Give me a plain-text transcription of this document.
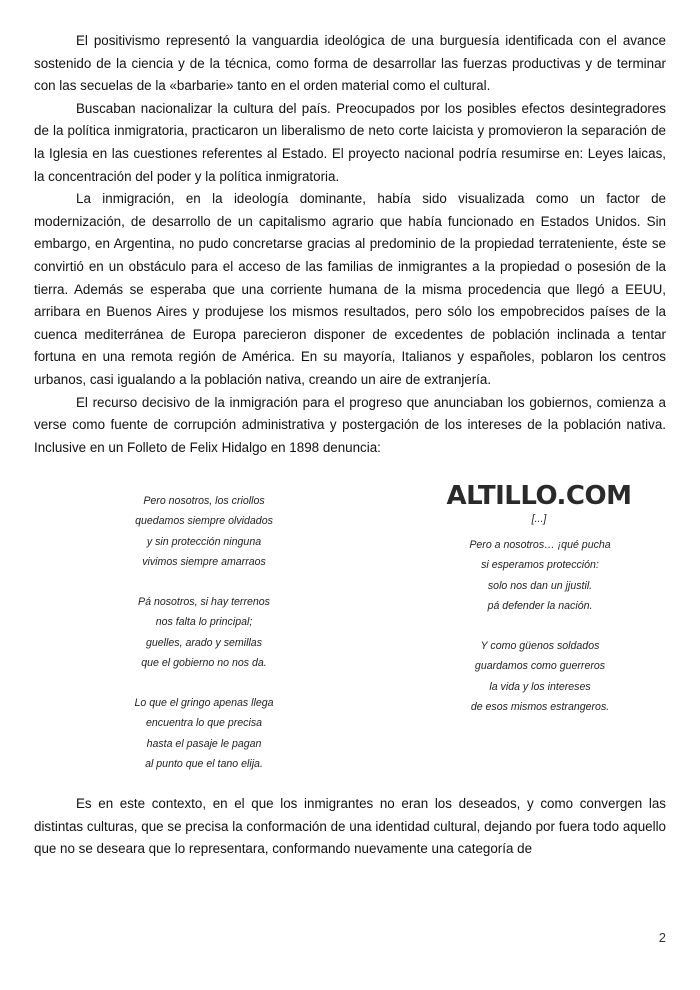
El positivismo representó la vanguardia ideológica de una burguesía identificada con el avance sostenido de la ciencia y de la técnica, como forma de desarrollar las fuerzas productivas y de terminar con las secuelas de la «barbarie» tanto en el orden material como el cultural.

Buscaban nacionalizar la cultura del país. Preocupados por los posibles efectos desintegradores de la política inmigratoria, practicaron un liberalismo de neto corte laicista y promovieron la separación de la Iglesia en las cuestiones referentes al Estado. El proyecto nacional podría resumirse en: Leyes laicas, la concentración del poder y la política inmigratoria.

La inmigración, en la ideología dominante, había sido visualizada como un factor de modernización, de desarrollo de un capitalismo agrario que había funcionado en Estados Unidos. Sin embargo, en Argentina, no pudo concretarse gracias al predominio de la propiedad terrateniente, éste se convirtió en un obstáculo para el acceso de las familias de inmigrantes a la propiedad o posesión de la tierra. Además se esperaba que una corriente humana de la misma procedencia que llegó a EEUU, arribara en Buenos Aires y produjese los mismos resultados, pero sólo los empobrecidos países de la cuenca mediterránea de Europa parecieron disponer de excedentes de población inclinada a tentar fortuna en una remota región de América. En su mayoría, Italianos y españoles, poblaron los centros urbanos, casi igualando a la población nativa, creando un aire de extranjería.

El recurso decisivo de la inmigración para el progreso que anunciaban los gobiernos, comienza a verse como fuente de corrupción administrativa y postergación de los intereses de la población nativa. Inclusive en un Folleto de Felix Hidalgo en 1898 denuncia:

Pero nosotros, los criollos
quedamos siempre olvidados
y sin protección ninguna
vivimos siempre amarraos
Pá nosotros, si hay terrenos
nos falta lo principal;
guelles, arado y semillas
que el gobierno no nos da.
Lo que el gringo apenas llega
encuentra lo que precisa
hasta el pasaje le pagan
al punto que el tano elija.
ALTILLO.COM
[...]
Pero a nosotros… ¡qué pucha
si esperamos protección:
solo nos dan un jjustil.
pá defender la nación.
Y como güenos soldados
guardamos como guerreros
la vida y los intereses
de esos mismos estrangeros.

Es en este contexto, en el que los inmigrantes no eran los deseados, y como convergen las distintas culturas, que se precisa la conformación de una identidad cultural, dejando por fuera todo aquello que no se deseara que lo representara, conformando nuevamente una categoría de

2
